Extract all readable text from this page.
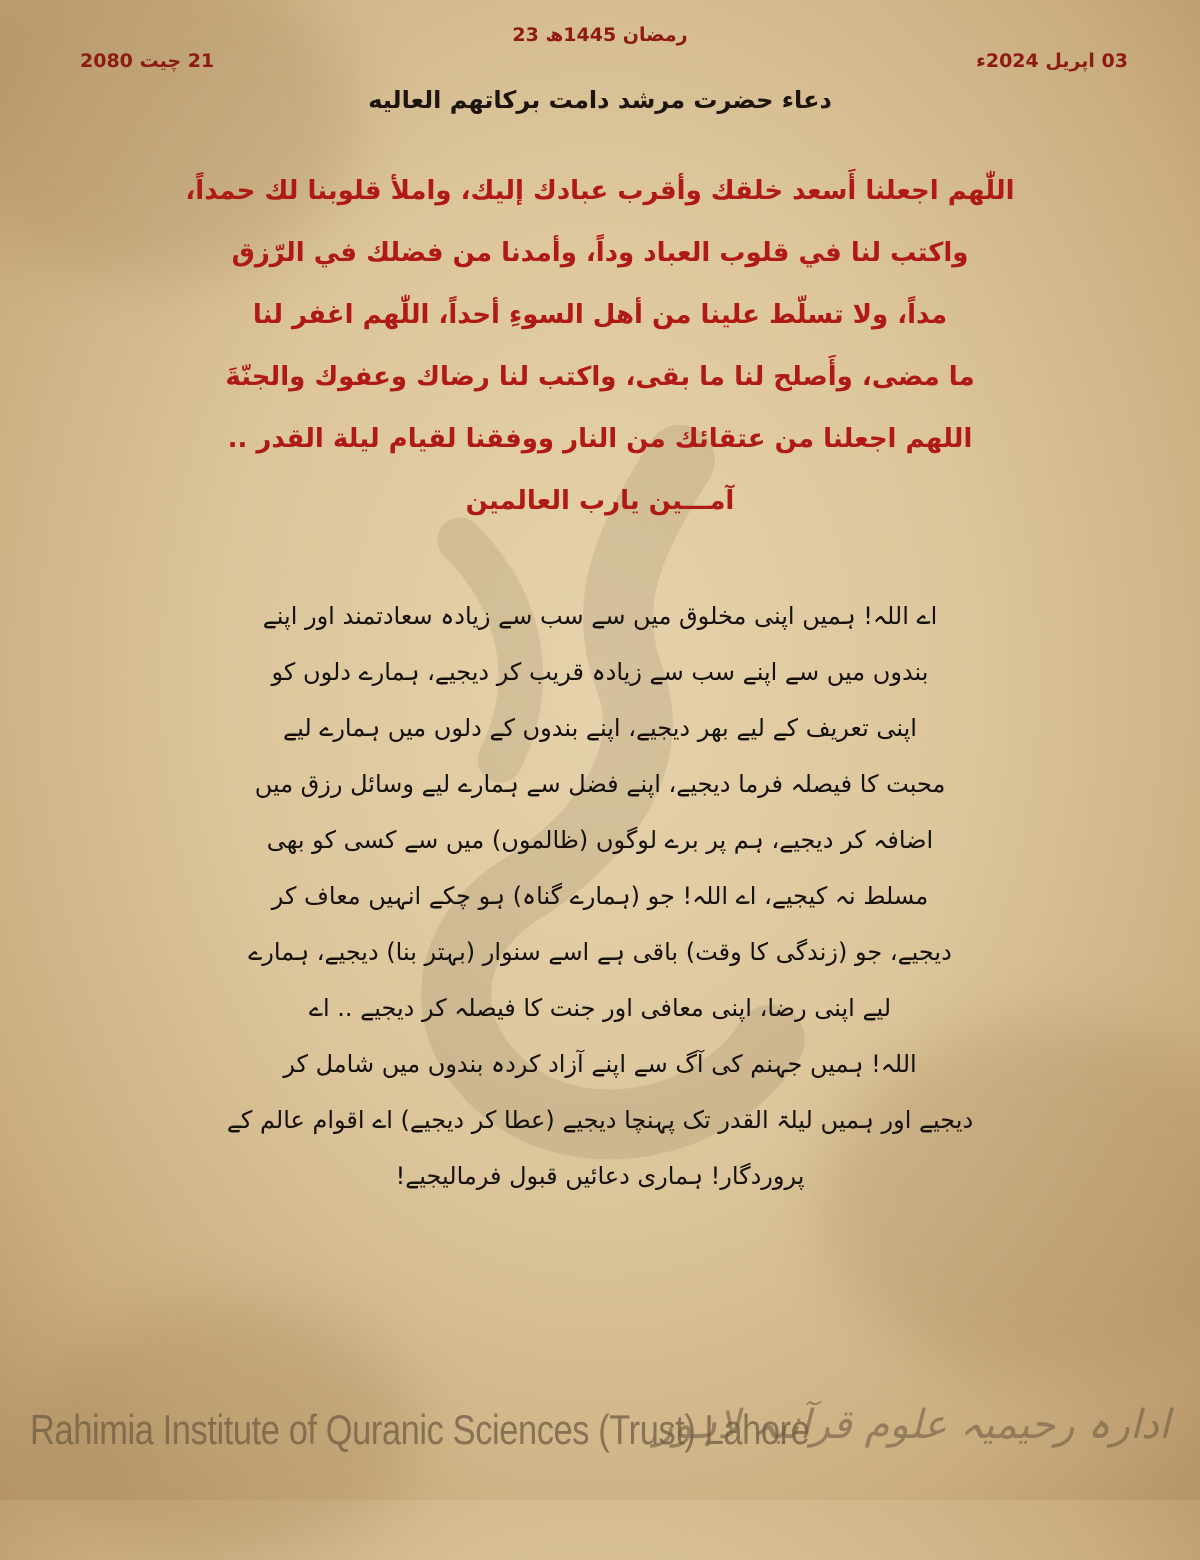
23 رمضان 1445ھ
03 اپریل 2024ء
21 چیت 2080
دعاء حضرت مرشد دامت برکاتهم العالیه

اللّٰهم اجعلنا أَسعد خلقك وأقرب عبادك إليك، واملأ قلوبنا لك حمداً،

واكتب لنا في قلوب العباد وداً، وأمدنا من فضلك في الرّزق

مداً، ولا تسلّط علينا من أهل السوءِ أحداً، اللّٰهم اغفر لنا

ما مضى، وأَصلح لنا ما بقى، واكتب لنا رضاك وعفوك والجنّةَ

اللهم اجعلنا من عتقائك من النار ووفقنا لقيام ليلة القدر ..

آمـــين يارب العالمين

اے اللہ! ہمیں اپنی مخلوق میں سے سب سے زیادہ سعادتمند اور اپنے

بندوں میں سے اپنے سب سے زیادہ قریب کر دیجیے، ہمارے دلوں کو

اپنی تعریف کے لیے بھر دیجیے، اپنے بندوں کے دلوں میں ہمارے لیے

محبت کا فیصلہ فرما دیجیے، اپنے فضل سے ہمارے لیے وسائل رزق میں

اضافہ کر دیجیے، ہم پر برے لوگوں (ظالموں) میں سے کسی کو بھی

مسلط نہ کیجیے، اے اللہ! جو (ہمارے گناہ) ہو چکے انہیں معاف کر

دیجیے، جو (زندگی کا وقت) باقی ہے اسے سنوار (بہتر بنا) دیجیے، ہمارے

لیے اپنی رضا، اپنی معافی اور جنت کا فیصلہ کر دیجیے .. اے

اللہ! ہمیں جہنم کی آگ سے اپنے آزاد کردہ بندوں میں شامل کر

دیجیے اور ہمیں لیلۃ القدر تک پہنچا دیجیے (عطا کر دیجیے) اے اقوام عالم کے

پروردگار! ہماری دعائیں قبول فرمالیجیے!

Rahimia Institute of Quranic Sciences (Trust) Lahore
ادارہ رحیمیہ علوم قرآنیہ لاہور
